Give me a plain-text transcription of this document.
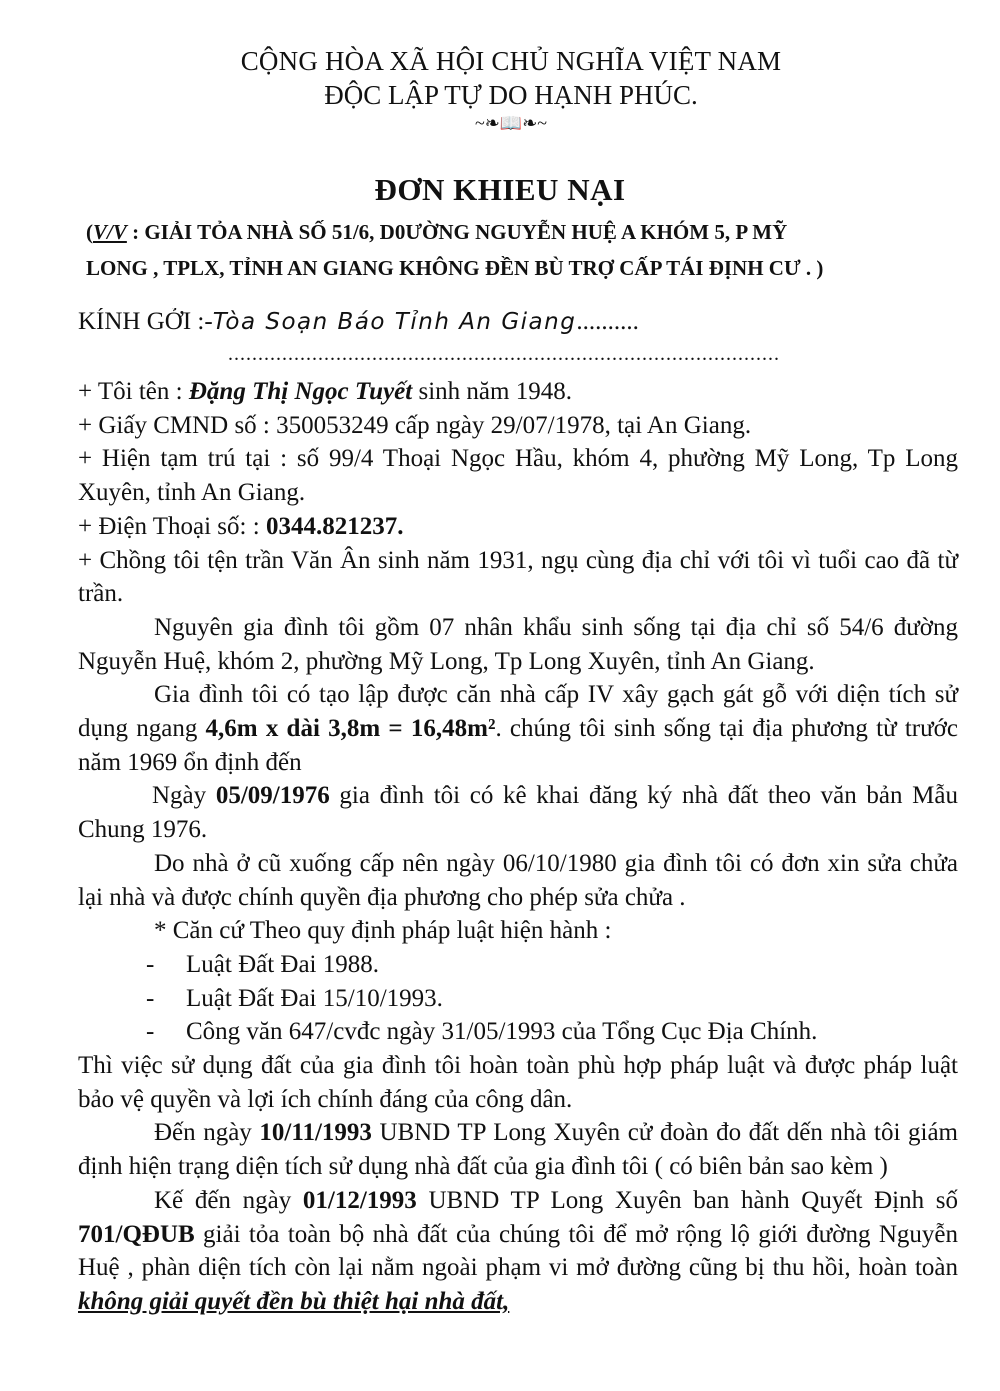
CỘNG HÒA XÃ HỘI CHỦ NGHĨA VIỆT NAM
ĐỘC LẬP TỰ DO HẠNH PHÚC.
~❧📖❧~
ĐƠN KHIEU NẠI
(V/V : GIẢI TỎA NHÀ SỐ 51/6, D0ƯỜNG NGUYỄN HUỆ A KHÓM 5, P MỸ
LONG , TPLX, TỈNH AN GIANG KHÔNG ĐỀN BÙ TRỢ CẤP TÁI ĐỊNH CƯ . )
KÍNH GỞI :-Tòa Soạn Báo Tỉnh An Giang..........
............................................................................................

+ Tôi tên : Đặng Thị Ngọc Tuyết sinh năm 1948.

+ Giấy CMND số : 350053249 cấp ngày 29/07/1978, tại An Giang.

+ Hiện tạm trú tại : số 99/4 Thoại Ngọc Hầu, khóm 4, phường Mỹ Long, Tp Long Xuyên, tỉnh An Giang.

+ Điện Thoại số: : 0344.821237.

+ Chồng tôi tện trần Văn Ân sinh năm 1931, ngụ cùng địa chỉ với tôi vì tuổi cao đã từ trần.

Nguyên gia đình tôi gồm 07 nhân khẩu sinh sống tại địa chỉ số 54/6 đường Nguyễn Huệ, khóm 2, phường Mỹ Long, Tp Long Xuyên, tỉnh An Giang.

Gia đình tôi có tạo lập được căn nhà cấp IV xây gạch gát gỗ với diện tích sử dụng ngang 4,6m x dài 3,8m = 16,48m². chúng tôi sinh sống tại địa phương từ trước năm 1969 ổn định đến

Ngày 05/09/1976 gia đình tôi có kê khai đăng ký nhà đất theo văn bản Mẫu Chung 1976.

Do nhà ở cũ xuống cấp nên ngày 06/10/1980 gia đình tôi có đơn xin sửa chửa lại nhà và được chính quyền địa phương cho phép sửa chửa .

* Căn cứ Theo quy định pháp luật hiện hành :

- Luật Đất Đai 1988.

- Luật Đất Đai 15/10/1993.

- Công văn 647/cvđc ngày 31/05/1993 của Tổng Cục Địa Chính.

Thì việc sử dụng đất của gia đình tôi hoàn toàn phù hợp pháp luật và được pháp luật bảo vệ quyền và lợi ích chính đáng của công dân.

Đến ngày 10/11/1993 UBND TP Long Xuyên cử đoàn đo đất dến nhà tôi giám định hiện trạng diện tích sử dụng nhà đất của gia đình tôi ( có biên bản sao kèm )

Kế đến ngày 01/12/1993 UBND TP Long Xuyên ban hành Quyết Định số 701/QĐUB giải tỏa toàn bộ nhà đất của chúng tôi để mở rộng lộ giới đường Nguyễn Huệ , phàn diện tích còn lại nằm ngoài phạm vi mở đường cũng bị thu hồi, hoàn toàn không giải quyết đền bù thiệt hại nhà đất,
